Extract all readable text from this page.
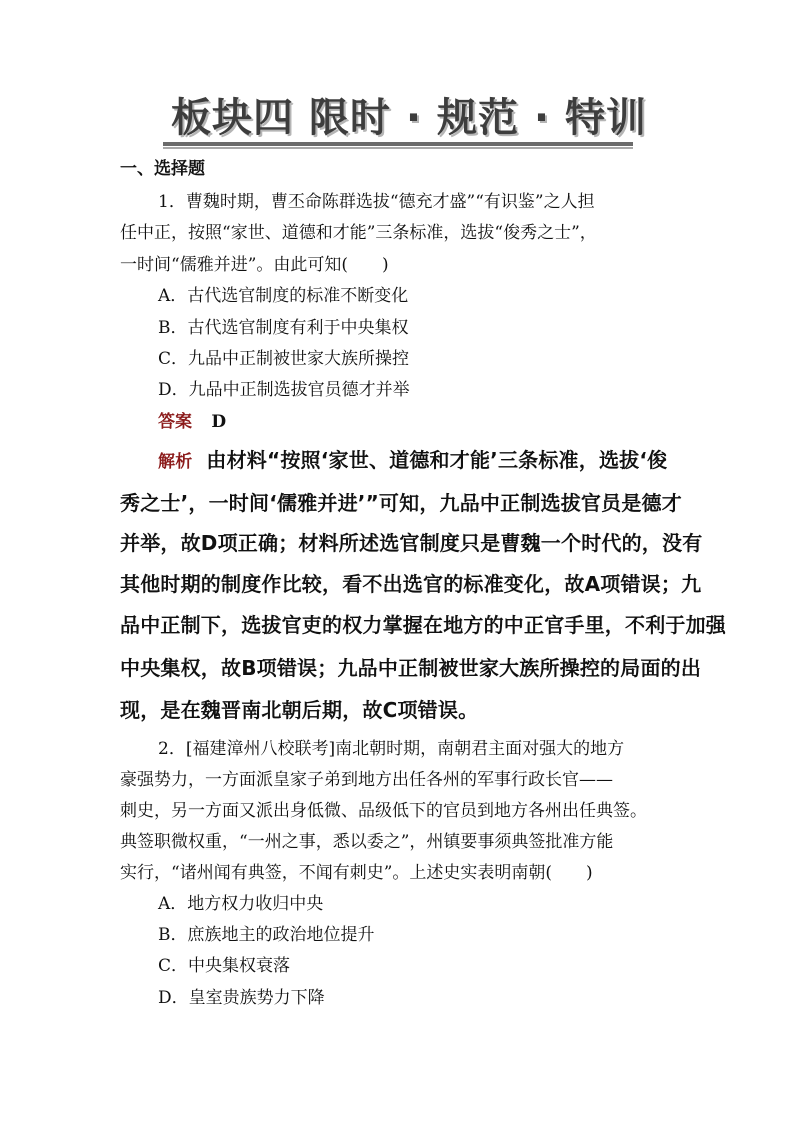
板块四 限时 · 规范 · 特训
一、选择题
1．曹魏时期，曹丕命陈群选拔“德充才盛”“有识鉴”之人担
任中正，按照“家世、道德和才能”三条标准，选拔“俊秀之士”，
一时间“儒雅并进”。由此可知(　　)
A．古代选官制度的标准不断变化
B．古代选官制度有利于中央集权
C．九品中正制被世家大族所操控
D．九品中正制选拔官员德才并举
答案 D
解析 由材料“按照‘家世、道德和才能’三条标准，选拔‘俊
秀之士’，一时间‘儒雅并进’”可知，九品中正制选拔官员是德才
并举，故D项正确；材料所述选官制度只是曹魏一个时代的，没有
其他时期的制度作比较，看不出选官的标准变化，故A项错误；九
品中正制下，选拔官吏的权力掌握在地方的中正官手里，不利于加强
中央集权，故B项错误；九品中正制被世家大族所操控的局面的出
现，是在魏晋南北朝后期，故C项错误。
2．[福建漳州八校联考]南北朝时期，南朝君主面对强大的地方
豪强势力，一方面派皇家子弟到地方出任各州的军事行政长官——
刺史，另一方面又派出身低微、品级低下的官员到地方各州出任典签。
典签职微权重，“一州之事，悉以委之”，州镇要事须典签批准方能
实行，“诸州闻有典签，不闻有刺史”。上述史实表明南朝(　　)
A．地方权力收归中央
B．庶族地主的政治地位提升
C．中央集权衰落
D．皇室贵族势力下降
